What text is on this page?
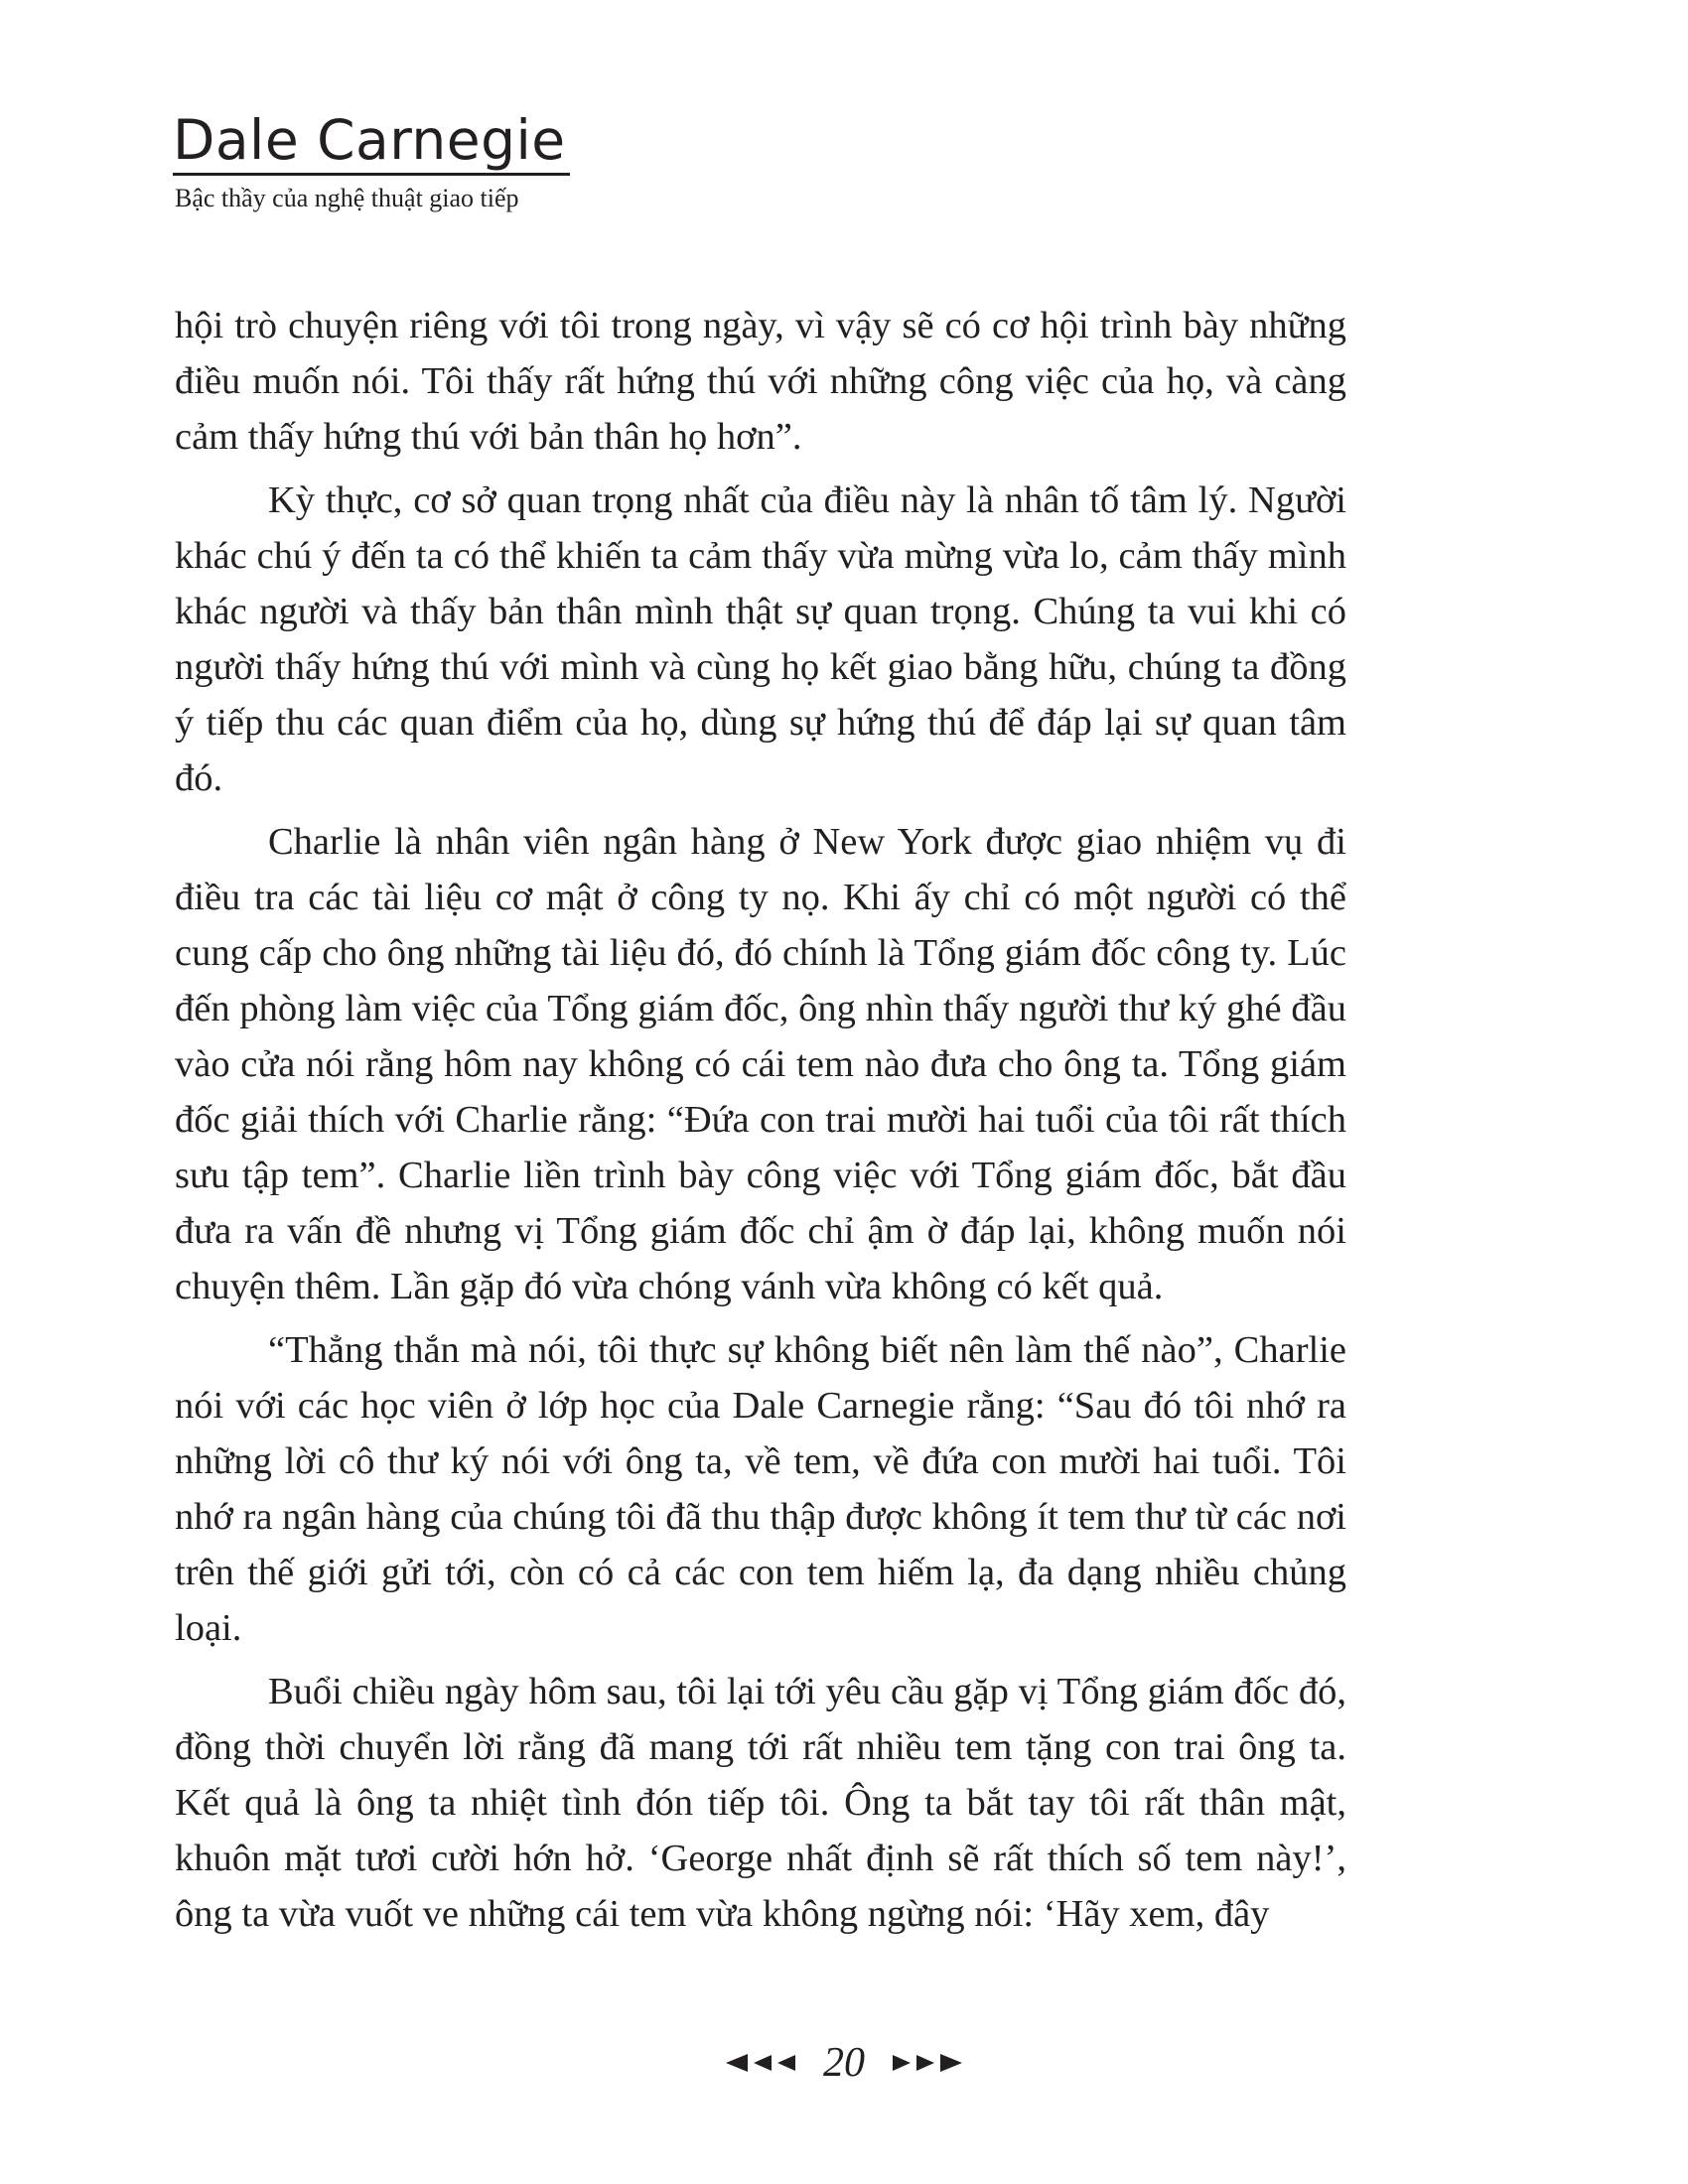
Dale Carnegie
Bậc thầy của nghệ thuật giao tiếp

hội trò chuyện riêng với tôi trong ngày, vì vậy sẽ có cơ hội trình bày những điều muốn nói. Tôi thấy rất hứng thú với những công việc của họ, và càng cảm thấy hứng thú với bản thân họ hơn”.

Kỳ thực, cơ sở quan trọng nhất của điều này là nhân tố tâm lý. Người khác chú ý đến ta có thể khiến ta cảm thấy vừa mừng vừa lo, cảm thấy mình khác người và thấy bản thân mình thật sự quan trọng. Chúng ta vui khi có người thấy hứng thú với mình và cùng họ kết giao bằng hữu, chúng ta đồng ý tiếp thu các quan điểm của họ, dùng sự hứng thú để đáp lại sự quan tâm đó.

Charlie là nhân viên ngân hàng ở New York được giao nhiệm vụ đi điều tra các tài liệu cơ mật ở công ty nọ. Khi ấy chỉ có một người có thể cung cấp cho ông những tài liệu đó, đó chính là Tổng giám đốc công ty. Lúc đến phòng làm việc của Tổng giám đốc, ông nhìn thấy người thư ký ghé đầu vào cửa nói rằng hôm nay không có cái tem nào đưa cho ông ta. Tổng giám đốc giải thích với Charlie rằng: “Đứa con trai mười hai tuổi của tôi rất thích sưu tập tem”. Charlie liền trình bày công việc với Tổng giám đốc, bắt đầu đưa ra vấn đề nhưng vị Tổng giám đốc chỉ ậm ờ đáp lại, không muốn nói chuyện thêm. Lần gặp đó vừa chóng vánh vừa không có kết quả.

“Thẳng thắn mà nói, tôi thực sự không biết nên làm thế nào”, Charlie nói với các học viên ở lớp học của Dale Carnegie rằng: “Sau đó tôi nhớ ra những lời cô thư ký nói với ông ta, về tem, về đứa con mười hai tuổi. Tôi nhớ ra ngân hàng của chúng tôi đã thu thập được không ít tem thư từ các nơi trên thế giới gửi tới, còn có cả các con tem hiếm lạ, đa dạng nhiều chủng loại.

Buổi chiều ngày hôm sau, tôi lại tới yêu cầu gặp vị Tổng giám đốc đó, đồng thời chuyển lời rằng đã mang tới rất nhiều tem tặng con trai ông ta. Kết quả là ông ta nhiệt tình đón tiếp tôi. Ông ta bắt tay tôi rất thân mật, khuôn mặt tươi cười hớn hở. ‘George nhất định sẽ rất thích số tem này!’, ông ta vừa vuốt ve những cái tem vừa không ngừng nói: ‘Hãy xem, đây

20
